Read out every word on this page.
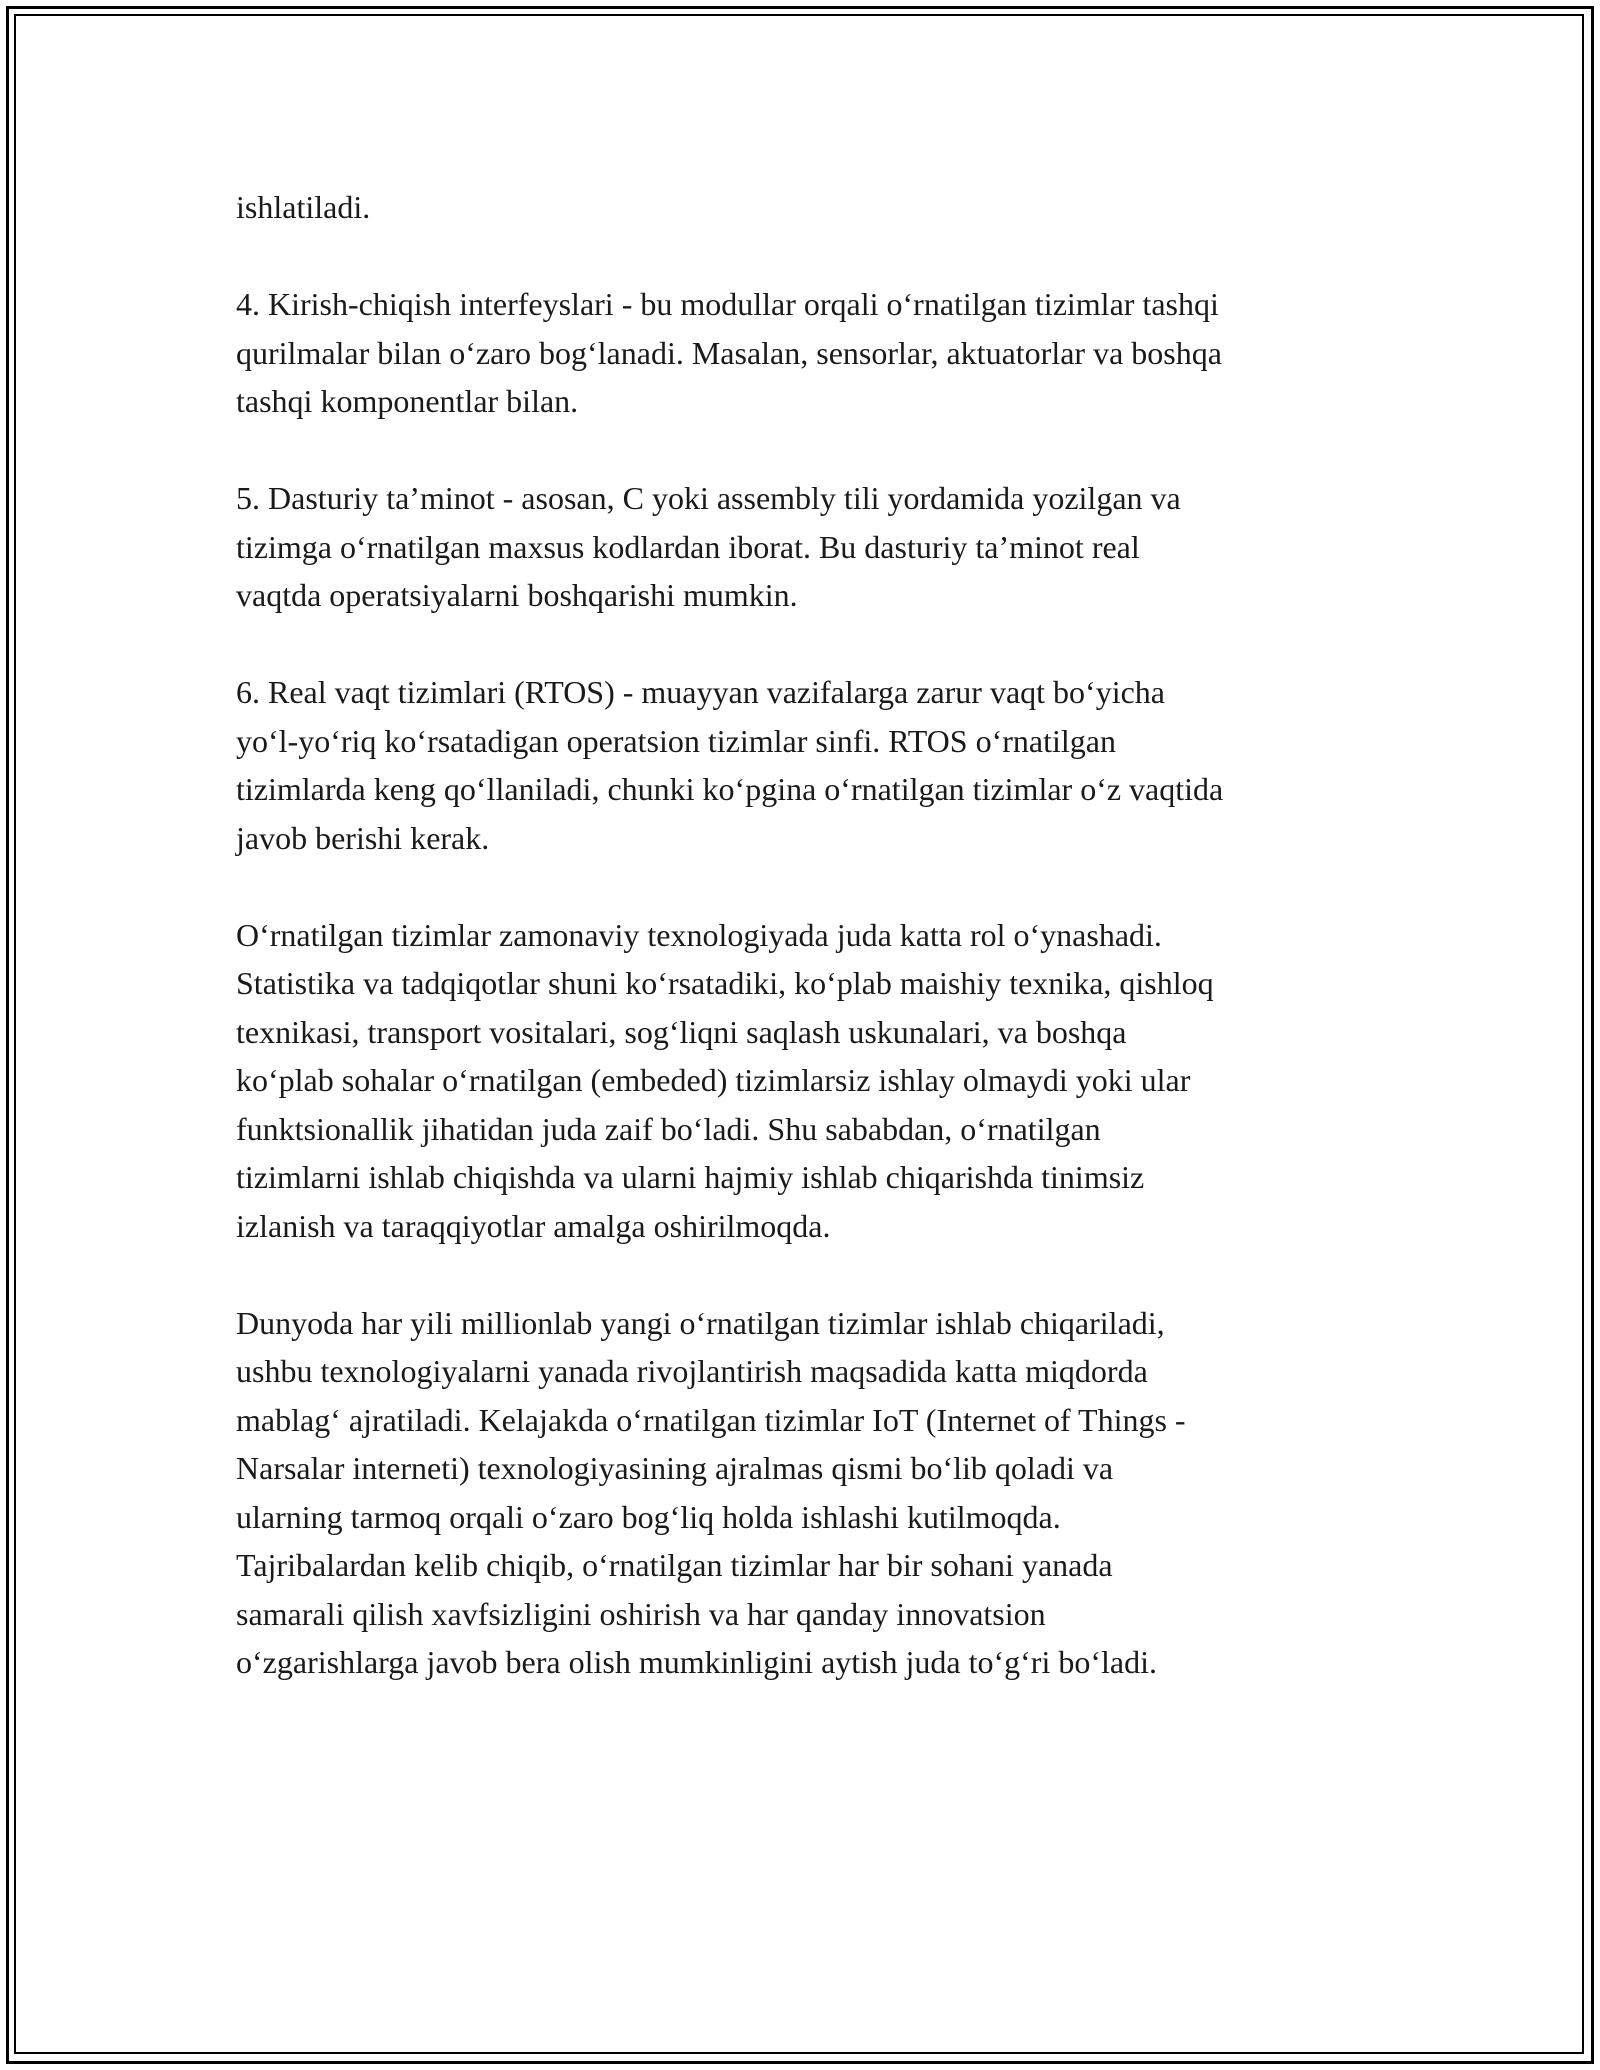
ishlatiladi.

4. Kirish-chiqish interfeyslari - bu modullar orqali oʻrnatilgan tizimlar tashqi
qurilmalar bilan oʻzaro bogʻlanadi. Masalan, sensorlar, aktuatorlar va boshqa
tashqi komponentlar bilan.

5. Dasturiy taʼminot - asosan, C yoki assembly tili yordamida yozilgan va
tizimga oʻrnatilgan maxsus kodlardan iborat. Bu dasturiy taʼminot real
vaqtda operatsiyalarni boshqarishi mumkin.

6. Real vaqt tizimlari (RTOS) - muayyan vazifalarga zarur vaqt boʻyicha
yoʻl-yoʻriq koʻrsatadigan operatsion tizimlar sinfi. RTOS oʻrnatilgan
tizimlarda keng qoʻllaniladi, chunki koʻpgina oʻrnatilgan tizimlar oʻz vaqtida
javob berishi kerak.

Oʻrnatilgan tizimlar zamonaviy texnologiyada juda katta rol oʻynashadi.
Statistika va tadqiqotlar shuni koʻrsatadiki, koʻplab maishiy texnika, qishloq
texnikasi, transport vositalari, sogʻliqni saqlash uskunalari, va boshqa
koʻplab sohalar oʻrnatilgan (embeded) tizimlarsiz ishlay olmaydi yoki ular
funktsionallik jihatidan juda zaif boʻladi. Shu sababdan, oʻrnatilgan
tizimlarni ishlab chiqishda va ularni hajmiy ishlab chiqarishda tinimsiz
izlanish va taraqqiyotlar amalga oshirilmoqda.

Dunyoda har yili millionlab yangi oʻrnatilgan tizimlar ishlab chiqariladi,
ushbu texnologiyalarni yanada rivojlantirish maqsadida katta miqdorda
mablagʻ ajratiladi. Kelajakda oʻrnatilgan tizimlar IoT (Internet of Things -
Narsalar interneti) texnologiyasining ajralmas qismi boʻlib qoladi va
ularning tarmoq orqali oʻzaro bogʻliq holda ishlashi kutilmoqda.
Tajribalardan kelib chiqib, oʻrnatilgan tizimlar har bir sohani yanada
samarali qilish xavfsizligini oshirish va har qanday innovatsion
oʻzgarishlarga javob bera olish mumkinligini aytish juda toʻgʻri boʻladi.
